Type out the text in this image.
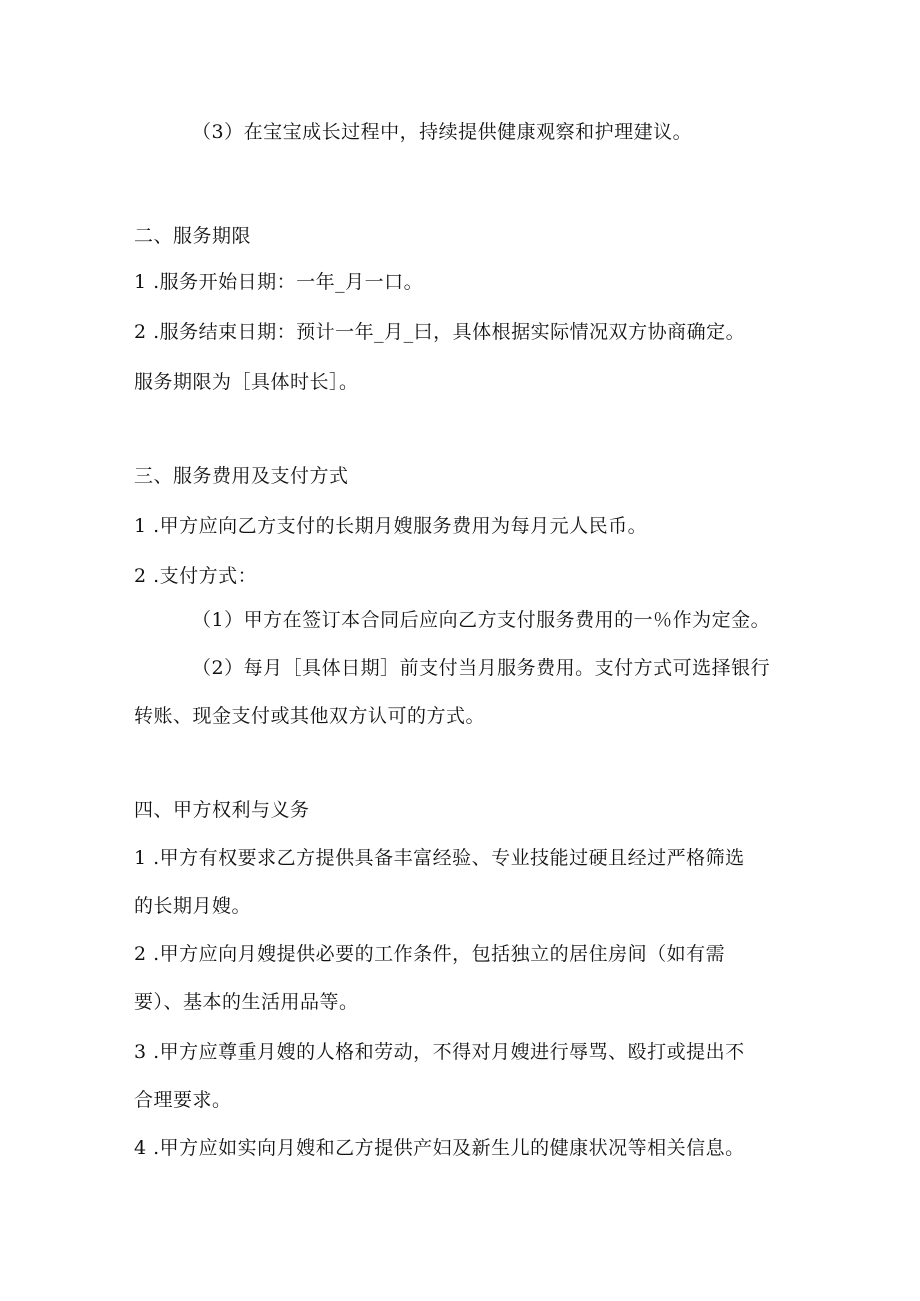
（3）在宝宝成长过程中，持续提供健康观察和护理建议。
二、服务期限
1 .服务开始日期：一年_月一口。
2 .服务结束日期：预计一年_月_曰，具体根据实际情况双方协商确定。
服务期限为［具体时长］。
三、服务费用及支付方式
1 .甲方应向乙方支付的长期月嫂服务费用为每月元人民币。
2 .支付方式：
（1）甲方在签订本合同后应向乙方支付服务费用的一％作为定金。
（2）每月［具体日期］前支付当月服务费用。支付方式可选择银行
转账、现金支付或其他双方认可的方式。
四、甲方权利与义务
1 .甲方有权要求乙方提供具备丰富经验、专业技能过硬且经过严格筛选
的长期月嫂。
2 .甲方应向月嫂提供必要的工作条件，包括独立的居住房间（如有需
要）、基本的生活用品等。
3 .甲方应尊重月嫂的人格和劳动，不得对月嫂进行辱骂、殴打或提出不
合理要求。
4 .甲方应如实向月嫂和乙方提供产妇及新生儿的健康状况等相关信息。
